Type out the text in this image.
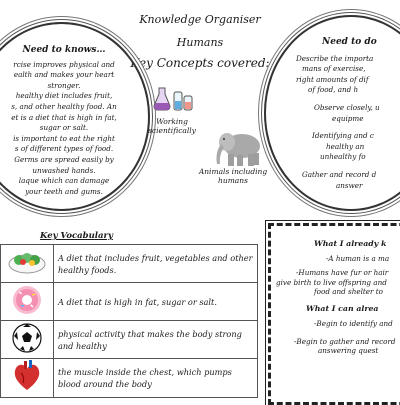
Knowledge Organiser
Humans
Key Concepts covered:
Need to knows…

rcise improves physical and

ealth and makes your heart

stronger.

healthy diet includes fruit,

s, and other healthy food. An

et is a diet that is high in fat,

sugar or salt.

is important to eat the right

s of different types of food.

Germs are spread easily by

unwashed hands.

laque which can damage

your teeth and gums.

Need to do

Describe the importa

mans of exercise,

right amounts of dif

of food, and h

Observe closely, u

equipme

Identifying and c

healthy an

unhealthy fo

Gather and record d

answer

Working scientifically
Animals including humans
Key Vocabulary
	A diet that includes fruit, vegetables and other healthy foods.
	A diet that is high in fat, sugar or salt.
	physical activity that makes the body strong and healthy
	the muscle inside the chest, which pumps blood around the body
What I already k
-A human is a ma
-Humans have fur or hair
give birth to live offspring and
food and shelter to
What I can alrea
-Begin to identify and
-Begin to gather and record
answering quest
